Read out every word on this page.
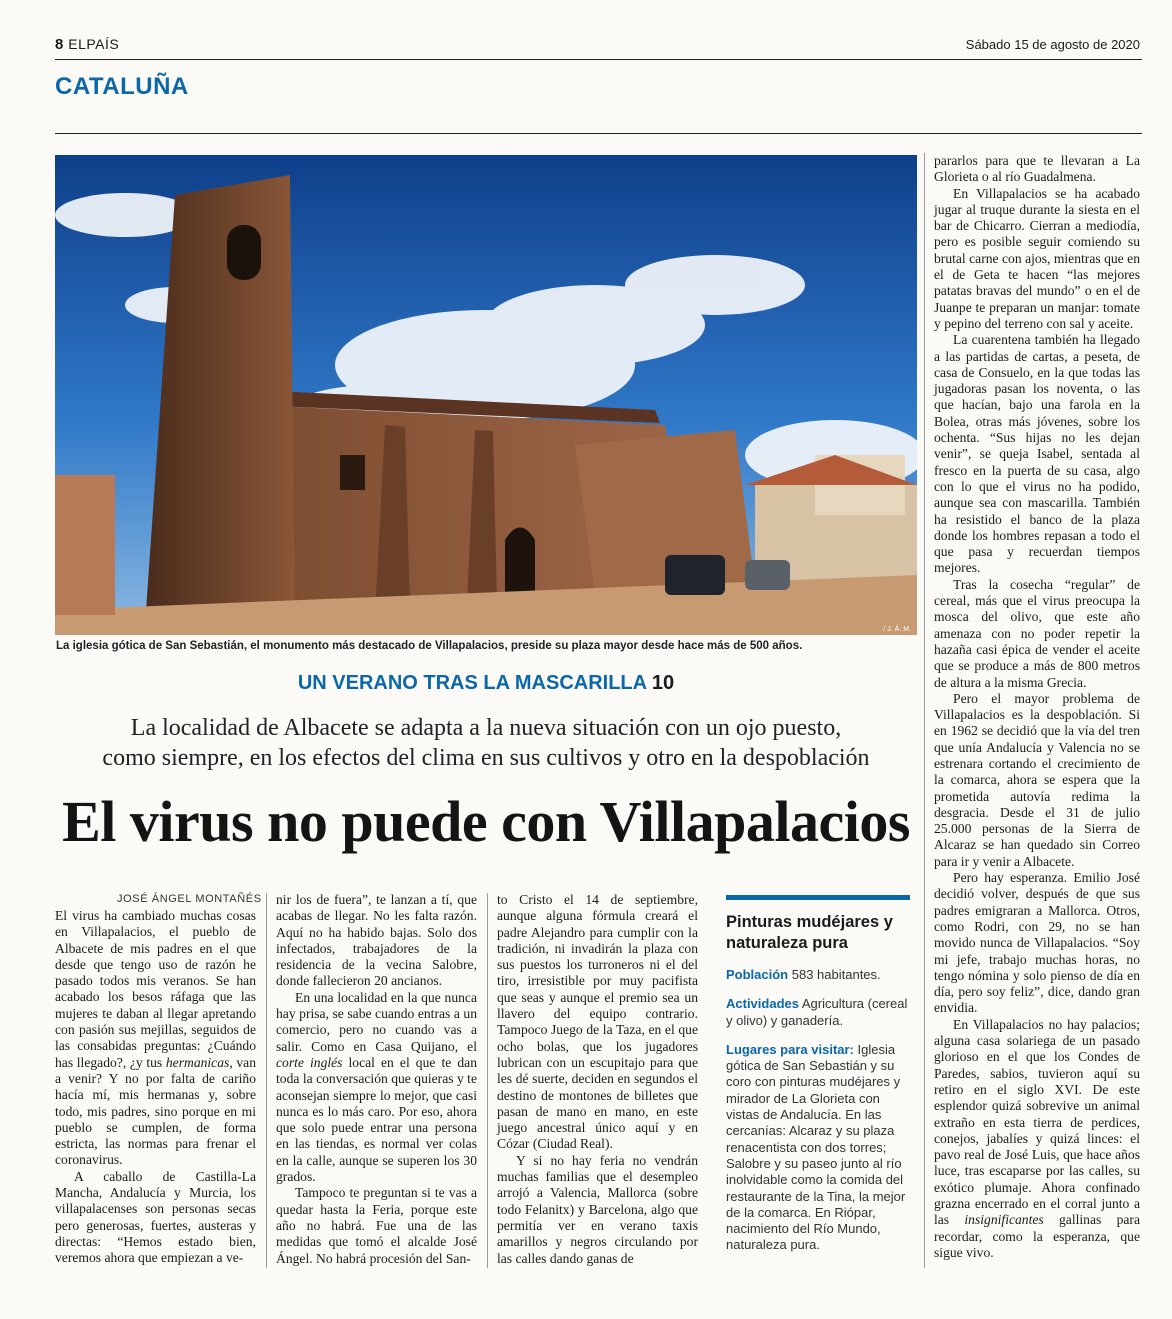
8 ELPAÍS	Sábado 15 de agosto de 2020
CATALUÑA
/ J. Á. M.
La iglesia gótica de San Sebastián, el monumento más destacado de Villapalacios, preside su plaza mayor desde hace más de 500 años.
UN VERANO TRAS LA MASCARILLA 10
La localidad de Albacete se adapta a la nueva situación con un ojo puesto,
como siempre, en los efectos del clima en sus cultivos y otro en la despoblación
El virus no puede con Villapalacios
JOSÉ ÁNGEL MONTAÑÉS

El virus ha cambiado muchas cosas en Villapalacios, el pueblo de Albacete de mis padres en el que desde que tengo uso de razón he pasado todos mis veranos. Se han acabado los besos ráfaga que las mujeres te daban al llegar apretando con pasión sus mejillas, seguidos de las consabidas preguntas: ¿Cuándo has llegado?, ¿y tus hermanicas, van a venir? Y no por falta de cariño hacía mí, mis hermanas y, sobre todo, mis padres, sino porque en mi pueblo se cumplen, de forma estricta, las normas para frenar el coronavirus.

A caballo de Castilla-La Mancha, Andalucía y Murcia, los villapalacenses son personas secas pero generosas, fuertes, austeras y directas: “Hemos estado bien, veremos ahora que empiezan a ve-

nir los de fuera”, te lanzan a tí, que acabas de llegar. No les falta razón. Aquí no ha habido bajas. Solo dos infectados, trabajadores de la residencia de la vecina Salobre, donde fallecieron 20 ancianos.

En una localidad en la que nunca hay prisa, se sabe cuando entras a un comercio, pero no cuando vas a salir. Como en Casa Quijano, el corte inglés local en el que te dan toda la conversación que quieras y te aconsejan siempre lo mejor, que casi nunca es lo más caro. Por eso, ahora que solo puede entrar una persona en las tiendas, es normal ver colas en la calle, aunque se superen los 30 grados.

Tampoco te preguntan si te vas a quedar hasta la Feria, porque este año no habrá. Fue una de las medidas que tomó el alcalde José Ángel. No habrá procesión del San-

to Cristo el 14 de septiembre, aunque alguna fórmula creará el padre Alejandro para cumplir con la tradición, ni invadirán la plaza con sus puestos los turroneros ni el del tiro, irresistible por muy pacifista que seas y aunque el premio sea un llavero del equipo contrario. Tampoco Juego de la Taza, en el que ocho bolas, que los jugadores lubrican con un escupitajo para que les dé suerte, deciden en segundos el destino de montones de billetes que pasan de mano en mano, en este juego ancestral único aquí y en Cózar (Ciudad Real).

Y si no hay feria no vendrán muchas familias que el desempleo arrojó a Valencia, Mallorca (sobre todo Felanitx) y Barcelona, algo que permitía ver en verano taxis amarillos y negros circulando por las calles dando ganas de

Pinturas mudéjares y naturaleza pura
Población 583 habitantes.
Actividades Agricultura (cereal y olivo) y ganadería.
Lugares para visitar: Iglesia gótica de San Sebastián y su coro con pinturas mudéjares y mirador de La Glorieta con vistas de Andalucía. En las cercanías: Alcaraz y su plaza renacentista con dos torres; Salobre y su paseo junto al río inolvidable como la comida del restaurante de la Tina, la mejor de la comarca. En Riópar, nacimiento del Río Mundo, naturaleza pura.

pararlos para que te llevaran a La Glorieta o al río Guadalmena.

En Villapalacios se ha acabado jugar al truque durante la siesta en el bar de Chicarro. Cierran a mediodía, pero es posible seguir comiendo su brutal carne con ajos, mientras que en el de Geta te hacen “las mejores patatas bravas del mundo” o en el de Juanpe te preparan un manjar: tomate y pepino del terreno con sal y aceite.

La cuarentena también ha llegado a las partidas de cartas, a peseta, de casa de Consuelo, en la que todas las jugadoras pasan los noventa, o las que hacían, bajo una farola en la Bolea, otras más jóvenes, sobre los ochenta. “Sus hijas no les dejan venir”, se queja Isabel, sentada al fresco en la puerta de su casa, algo con lo que el virus no ha podido, aunque sea con mascarilla. También ha resistido el banco de la plaza donde los hombres repasan a todo el que pasa y recuerdan tiempos mejores.

Tras la cosecha “regular” de cereal, más que el virus preocupa la mosca del olivo, que este año amenaza con no poder repetir la hazaña casi épica de vender el aceite que se produce a más de 800 metros de altura a la misma Grecia.

Pero el mayor problema de Villapalacios es la despoblación. Si en 1962 se decidió que la vía del tren que unía Andalucía y Valencia no se estrenara cortando el crecimiento de la comarca, ahora se espera que la prometida autovía redima la desgracia. Desde el 31 de julio 25.000 personas de la Sierra de Alcaraz se han quedado sin Correo para ir y venir a Albacete.

Pero hay esperanza. Emilio José decidió volver, después de que sus padres emigraran a Mallorca. Otros, como Rodri, con 29, no se han movido nunca de Villapalacios. “Soy mi jefe, trabajo muchas horas, no tengo nómina y solo pienso de día en día, pero soy feliz”, dice, dando gran envidia.

En Villapalacios no hay palacios; alguna casa solariega de un pasado glorioso en el que los Condes de Paredes, sabios, tuvieron aquí su retiro en el siglo XVI. De este esplendor quizá sobrevive un animal extraño en esta tierra de perdices, conejos, jabalíes y quizá linces: el pavo real de José Luis, que hace años luce, tras escaparse por las calles, su exótico plumaje. Ahora confinado grazna encerrado en el corral junto a las insignificantes gallinas para recordar, como la esperanza, que sigue vivo.
